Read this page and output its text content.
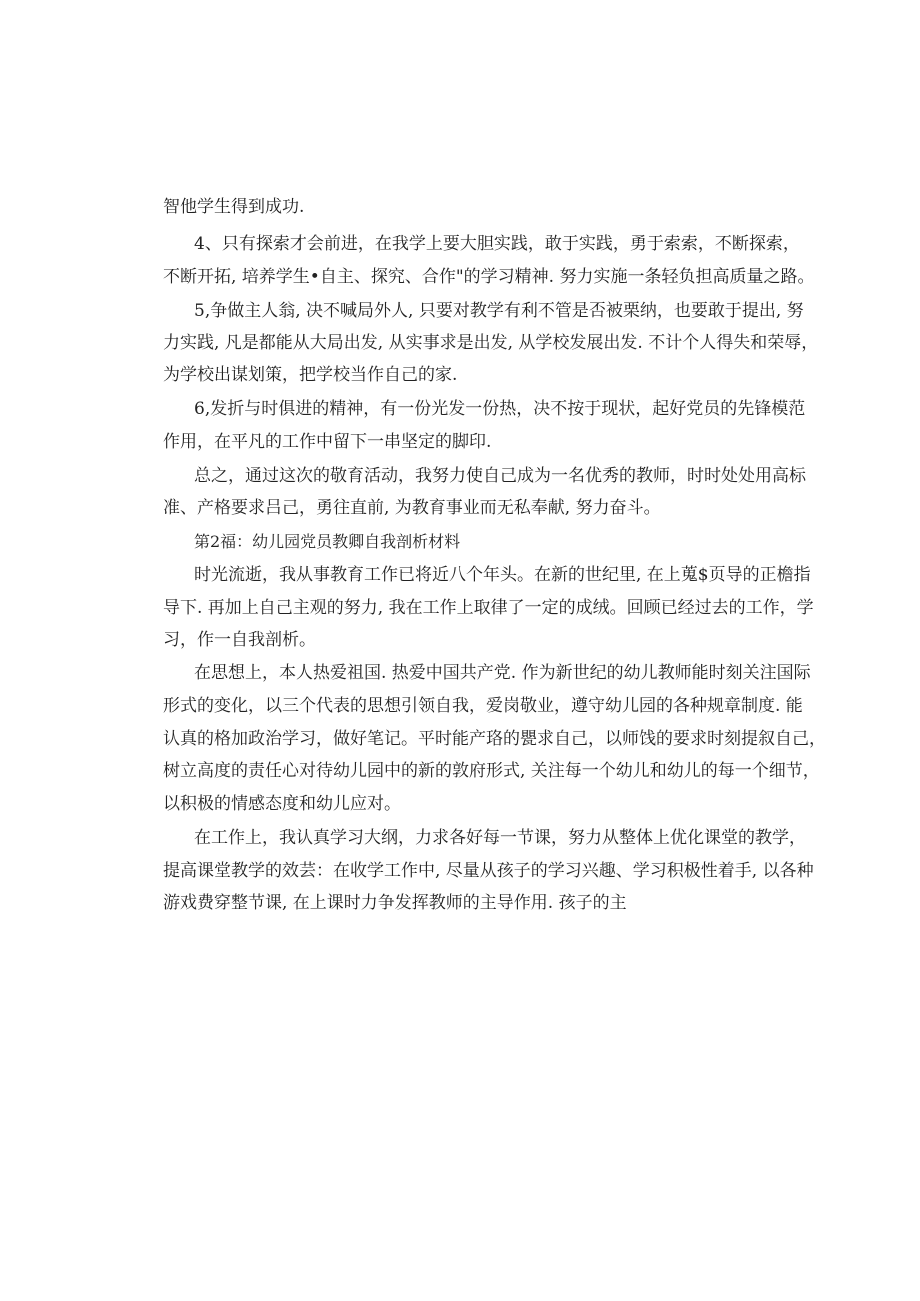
智他学生得到成功.
4、只有探索才会前进，在我学上要大胆实践，敢于实践，勇于索索，不断探索，
不断开拓, 培养学生•自主、探究、合作"的学习精神. 努力实施一条轻负担高质量之路。
5,争做主人翁, 决不喊局外人, 只要对教学有利不管是否被栗纳，也要敢于提出, 努
力实践, 凡是都能从大局出发, 从实事求是出发, 从学校发展出发. 不计个人得失和荣辱，
为学校出谋划策，把学校当作自己的家.
6,发折与时俱进的精神，有一份光发一份热，决不按于现状，起好党员的先锋模范
作用，在平凡的工作中留下一串坚定的脚印.
总之，通过这次的敬育活动，我努力使自己成为一名优秀的教师，时时处处用高标
准、产格要求吕己，勇往直前, 为教育事业而无私奉献, 努力奋斗。
第2福：幼儿园党员教卿自我剖析材料
时光流逝，我从事教育工作已将近八个年头。在新的世纪里, 在上蒐$页导的正檐指
导下. 再加上自己主观的努力, 我在工作上取律了一定的成绒。回顾已经过去的工作，学
习，作一自我剖析。
在思想上，本人热爱祖国. 热爱中国共产党. 作为新世纪的幼儿教师能时刻关注国际
形式的变化，以三个代表的思想引领自我，爱岗敬业，遵守幼儿园的各种规章制度. 能
认真的格加政治学习，做好笔记。平时能产珞的甖求自己，以师饯的要求时刻提叙自己，
树立高度的责任心对待幼儿园中的新的敦府形式, 关注每一个幼儿和幼儿的每一个细节，
以积极的情感态度和幼儿应对。
在工作上，我认真学习大纲，力求各好每一节课，努力从整体上优化课堂的教学，
提高课堂教学的效芸：在收学工作中, 尽量从孩子的学习兴趣、学习积极性着手, 以各种
游戏费穿整节课, 在上课时力争发挥教师的主导作用. 孩子的主
